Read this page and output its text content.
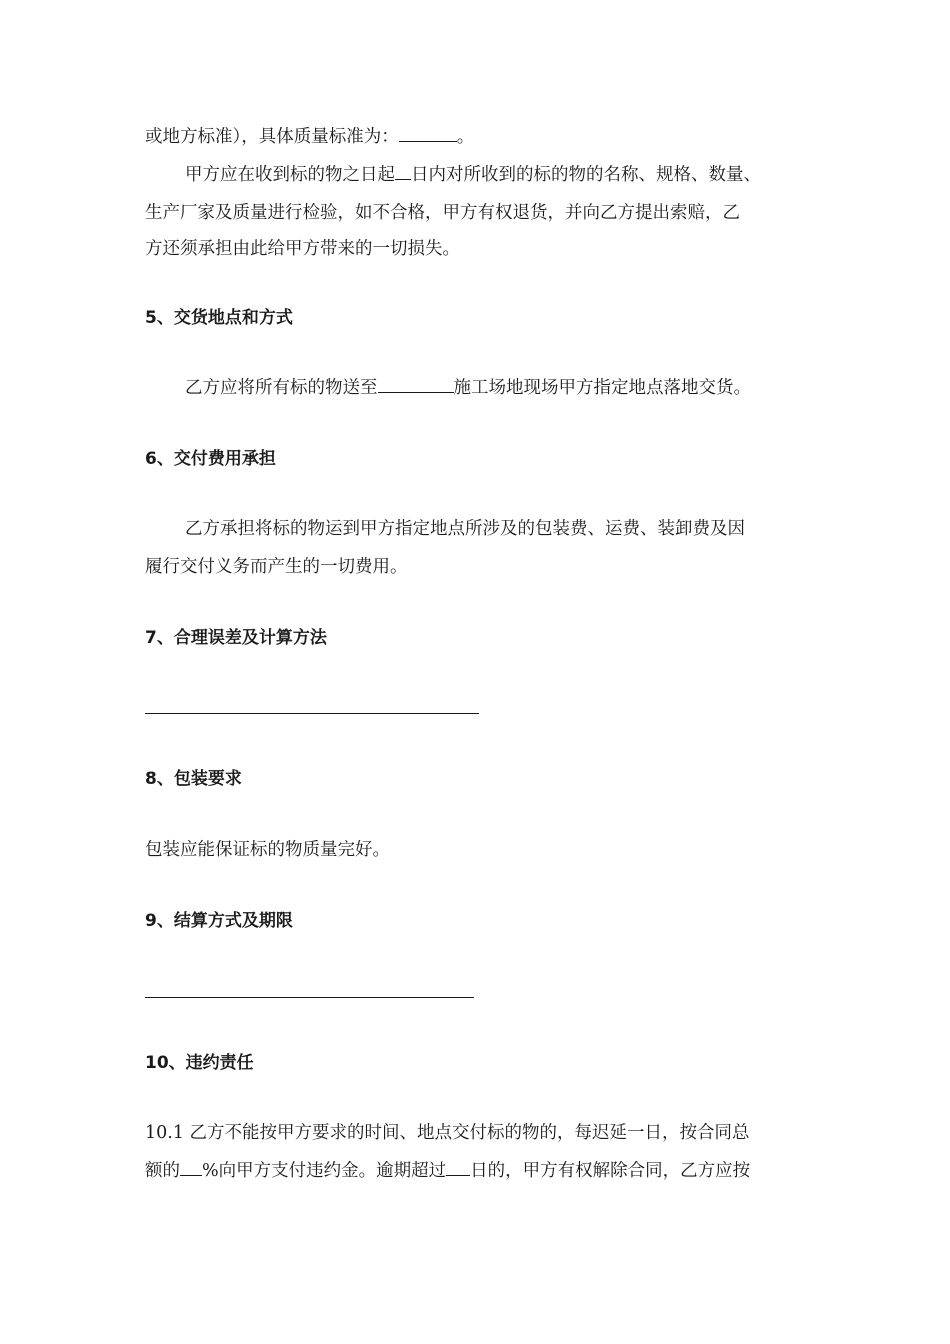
或地方标准），具体质量标准为：	。
甲方应在收到标的物之日起 日内对所收到的标的物的名称、规格、数量、
生产厂家及质量进行检验，如不合格，甲方有权退货，并向乙方提出索赔，乙
方还须承担由此给甲方带来的一切损失。
5、交货地点和方式
乙方应将所有标的物送至	施工场地现场甲方指定地点落地交货。
6、交付费用承担
乙方承担将标的物运到甲方指定地点所涉及的包装费、运费、装卸费及因
履行交付义务而产生的一切费用。
7、合理误差及计算方法
8、包装要求
包装应能保证标的物质量完好。
9、结算方式及期限
10、违约责任
10.1 乙方不能按甲方要求的时间、地点交付标的物的，每迟延一日，按合同总
额的 %向甲方支付违约金。逾期超过 日的，甲方有权解除合同，乙方应按
